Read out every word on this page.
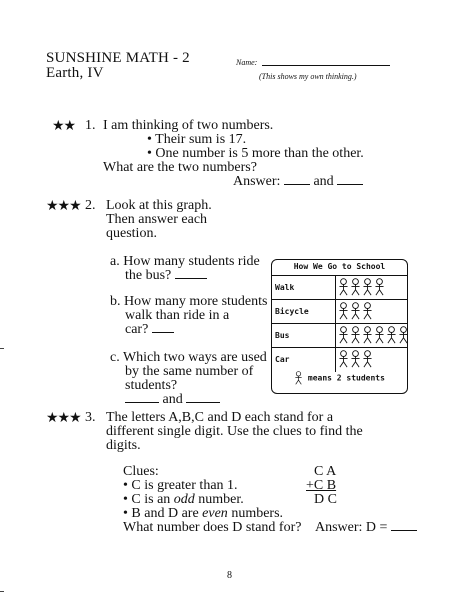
SUNSHINE MATH - 2
Earth, IV
Name:
(This shows my own thinking.)
★★ 1. I am thinking of two numbers.
• Their sum is 17.
• One number is 5 more than the other.
What are the two numbers?
Answer: and
★★★ 2. Look at this graph.
Then answer each
question.
a. How many students ride
the bus?
b. How many more students
walk than ride in a
car?
c. Which two ways are used
by the same number of
students?
and
How We Go to School
Walk
Bicycle
Bus
Car
means 2 students
★★★ 3. The letters A,B,C and D each stand for a
different single digit. Use the clues to find the
digits.
Clues:
• C is greater than 1.
• C is an odd number.
• B and D are even numbers.
What number does D stand for? Answer: D =
C A
+C B
D C
8
